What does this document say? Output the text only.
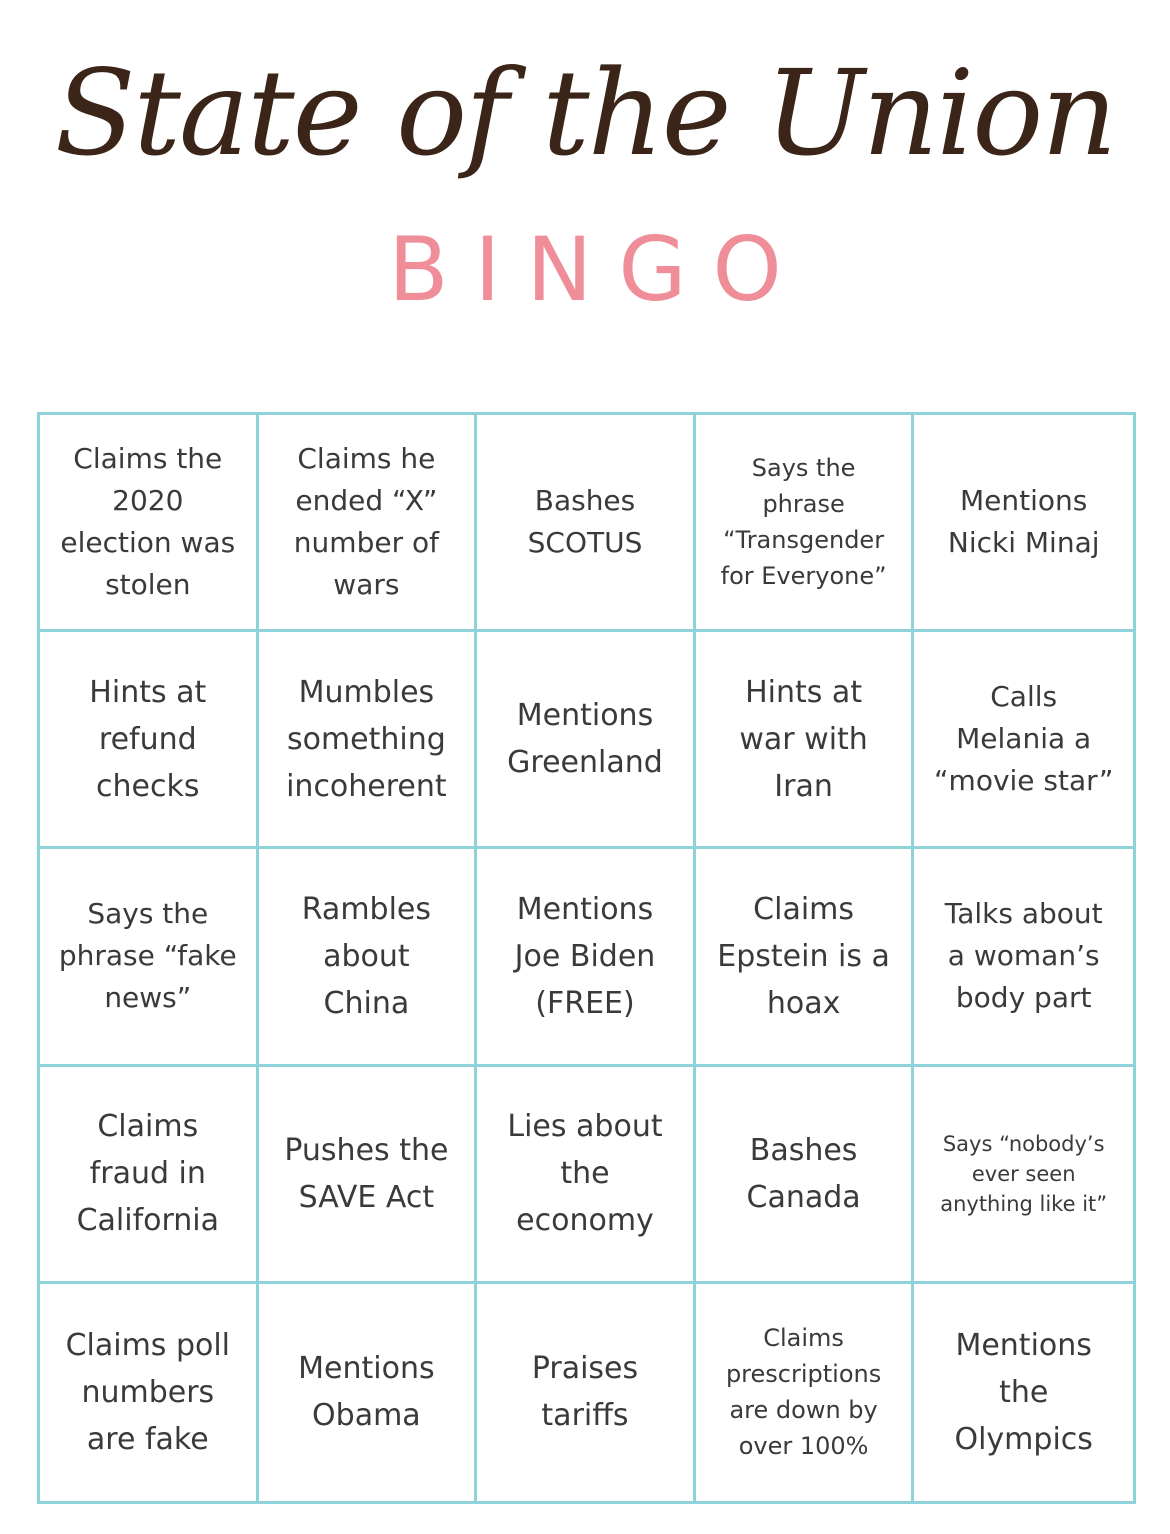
State of the Union
BINGO
Claims the
2020
election was
stolen
Claims he
ended “X”
number of
wars
Bashes
SCOTUS
Says the
phrase
“Transgender
for Everyone”
Mentions
Nicki Minaj
Hints at
refund
checks
Mumbles
something
incoherent
Mentions
Greenland
Hints at
war with
Iran
Calls
Melania a
“movie star”
Says the
phrase “fake
news”
Rambles
about
China
Mentions
Joe Biden
(FREE)
Claims
Epstein is a
hoax
Talks about
a woman’s
body part
Claims
fraud in
California
Pushes the
SAVE Act
Lies about
the
economy
Bashes
Canada
Says “nobody’s
ever seen
anything like it”
Claims poll
numbers
are fake
Mentions
Obama
Praises
tariffs
Claims
prescriptions
are down by
over 100%
Mentions
the
Olympics
